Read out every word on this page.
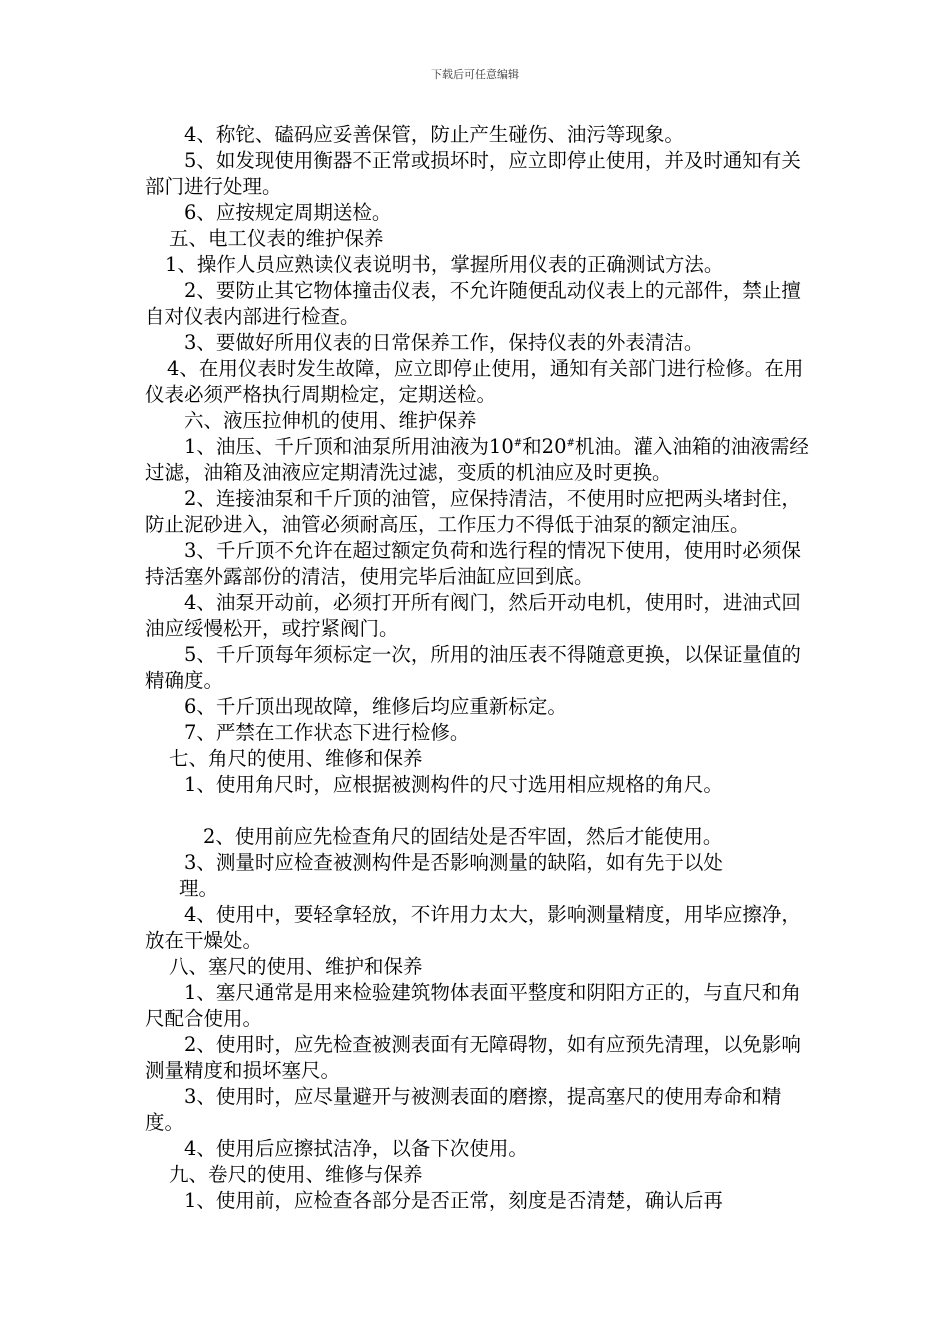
下载后可任意编辑

4、称铊、磕码应妥善保管，防止产生碰伤、油污等现象。

5、如发现使用衡器不正常或损坏时，应立即停止使用，并及时通知有关部门进行处理。

6、应按规定周期送检。

五、电工仪表的维护保养

1、操作人员应熟读仪表说明书，掌握所用仪表的正确测试方法。

2、要防止其它物体撞击仪表，不允许随便乱动仪表上的元部件，禁止擅自对仪表内部进行检查。

3、要做好所用仪表的日常保养工作，保持仪表的外表清洁。

4、在用仪表时发生故障，应立即停止使用，通知有关部门进行检修。在用仪表必须严格执行周期检定，定期送检。

六、液压拉伸机的使用、维护保养

1、油压、千斤顶和油泵所用油液为10#和20#机油。灌入油箱的油液需经过滤，油箱及油液应定期清洗过滤，变质的机油应及时更换。

2、连接油泵和千斤顶的油管，应保持清洁，不使用时应把两头堵封住，防止泥砂进入，油管必须耐高压，工作压力不得低于油泵的额定油压。

3、千斤顶不允许在超过额定负荷和选行程的情况下使用，使用时必须保持活塞外露部份的清洁，使用完毕后油缸应回到底。

4、油泵开动前，必须打开所有阀门，然后开动电机，使用时，进油式回油应绥慢松开，或拧紧阀门。

5、千斤顶每年须标定一次，所用的油压表不得随意更换，以保证量值的精确度。

6、千斤顶出现故障，维修后均应重新标定。

7、严禁在工作状态下进行检修。

七、角尺的使用、维修和保养

1、使用角尺时，应根据被测构件的尺寸选用相应规格的角尺。

2、使用前应先检查角尺的固结处是否牢固，然后才能使用。

3、测量时应检查被测构件是否影响测量的缺陷，如有先于以处

理。

4、使用中，要轻拿轻放，不许用力太大，影响测量精度，用毕应擦净，放在干燥处。

八、塞尺的使用、维护和保养

1、塞尺通常是用来检验建筑物体表面平整度和阴阳方正的，与直尺和角尺配合使用。

2、使用时，应先检查被测表面有无障碍物，如有应预先清理，以免影响测量精度和损坏塞尺。

3、使用时，应尽量避开与被测表面的磨擦，提高塞尺的使用寿命和精度。

4、使用后应擦拭洁净，以备下次使用。

九、卷尺的使用、维修与保养

1、使用前，应检查各部分是否正常，刻度是否清楚，确认后再
